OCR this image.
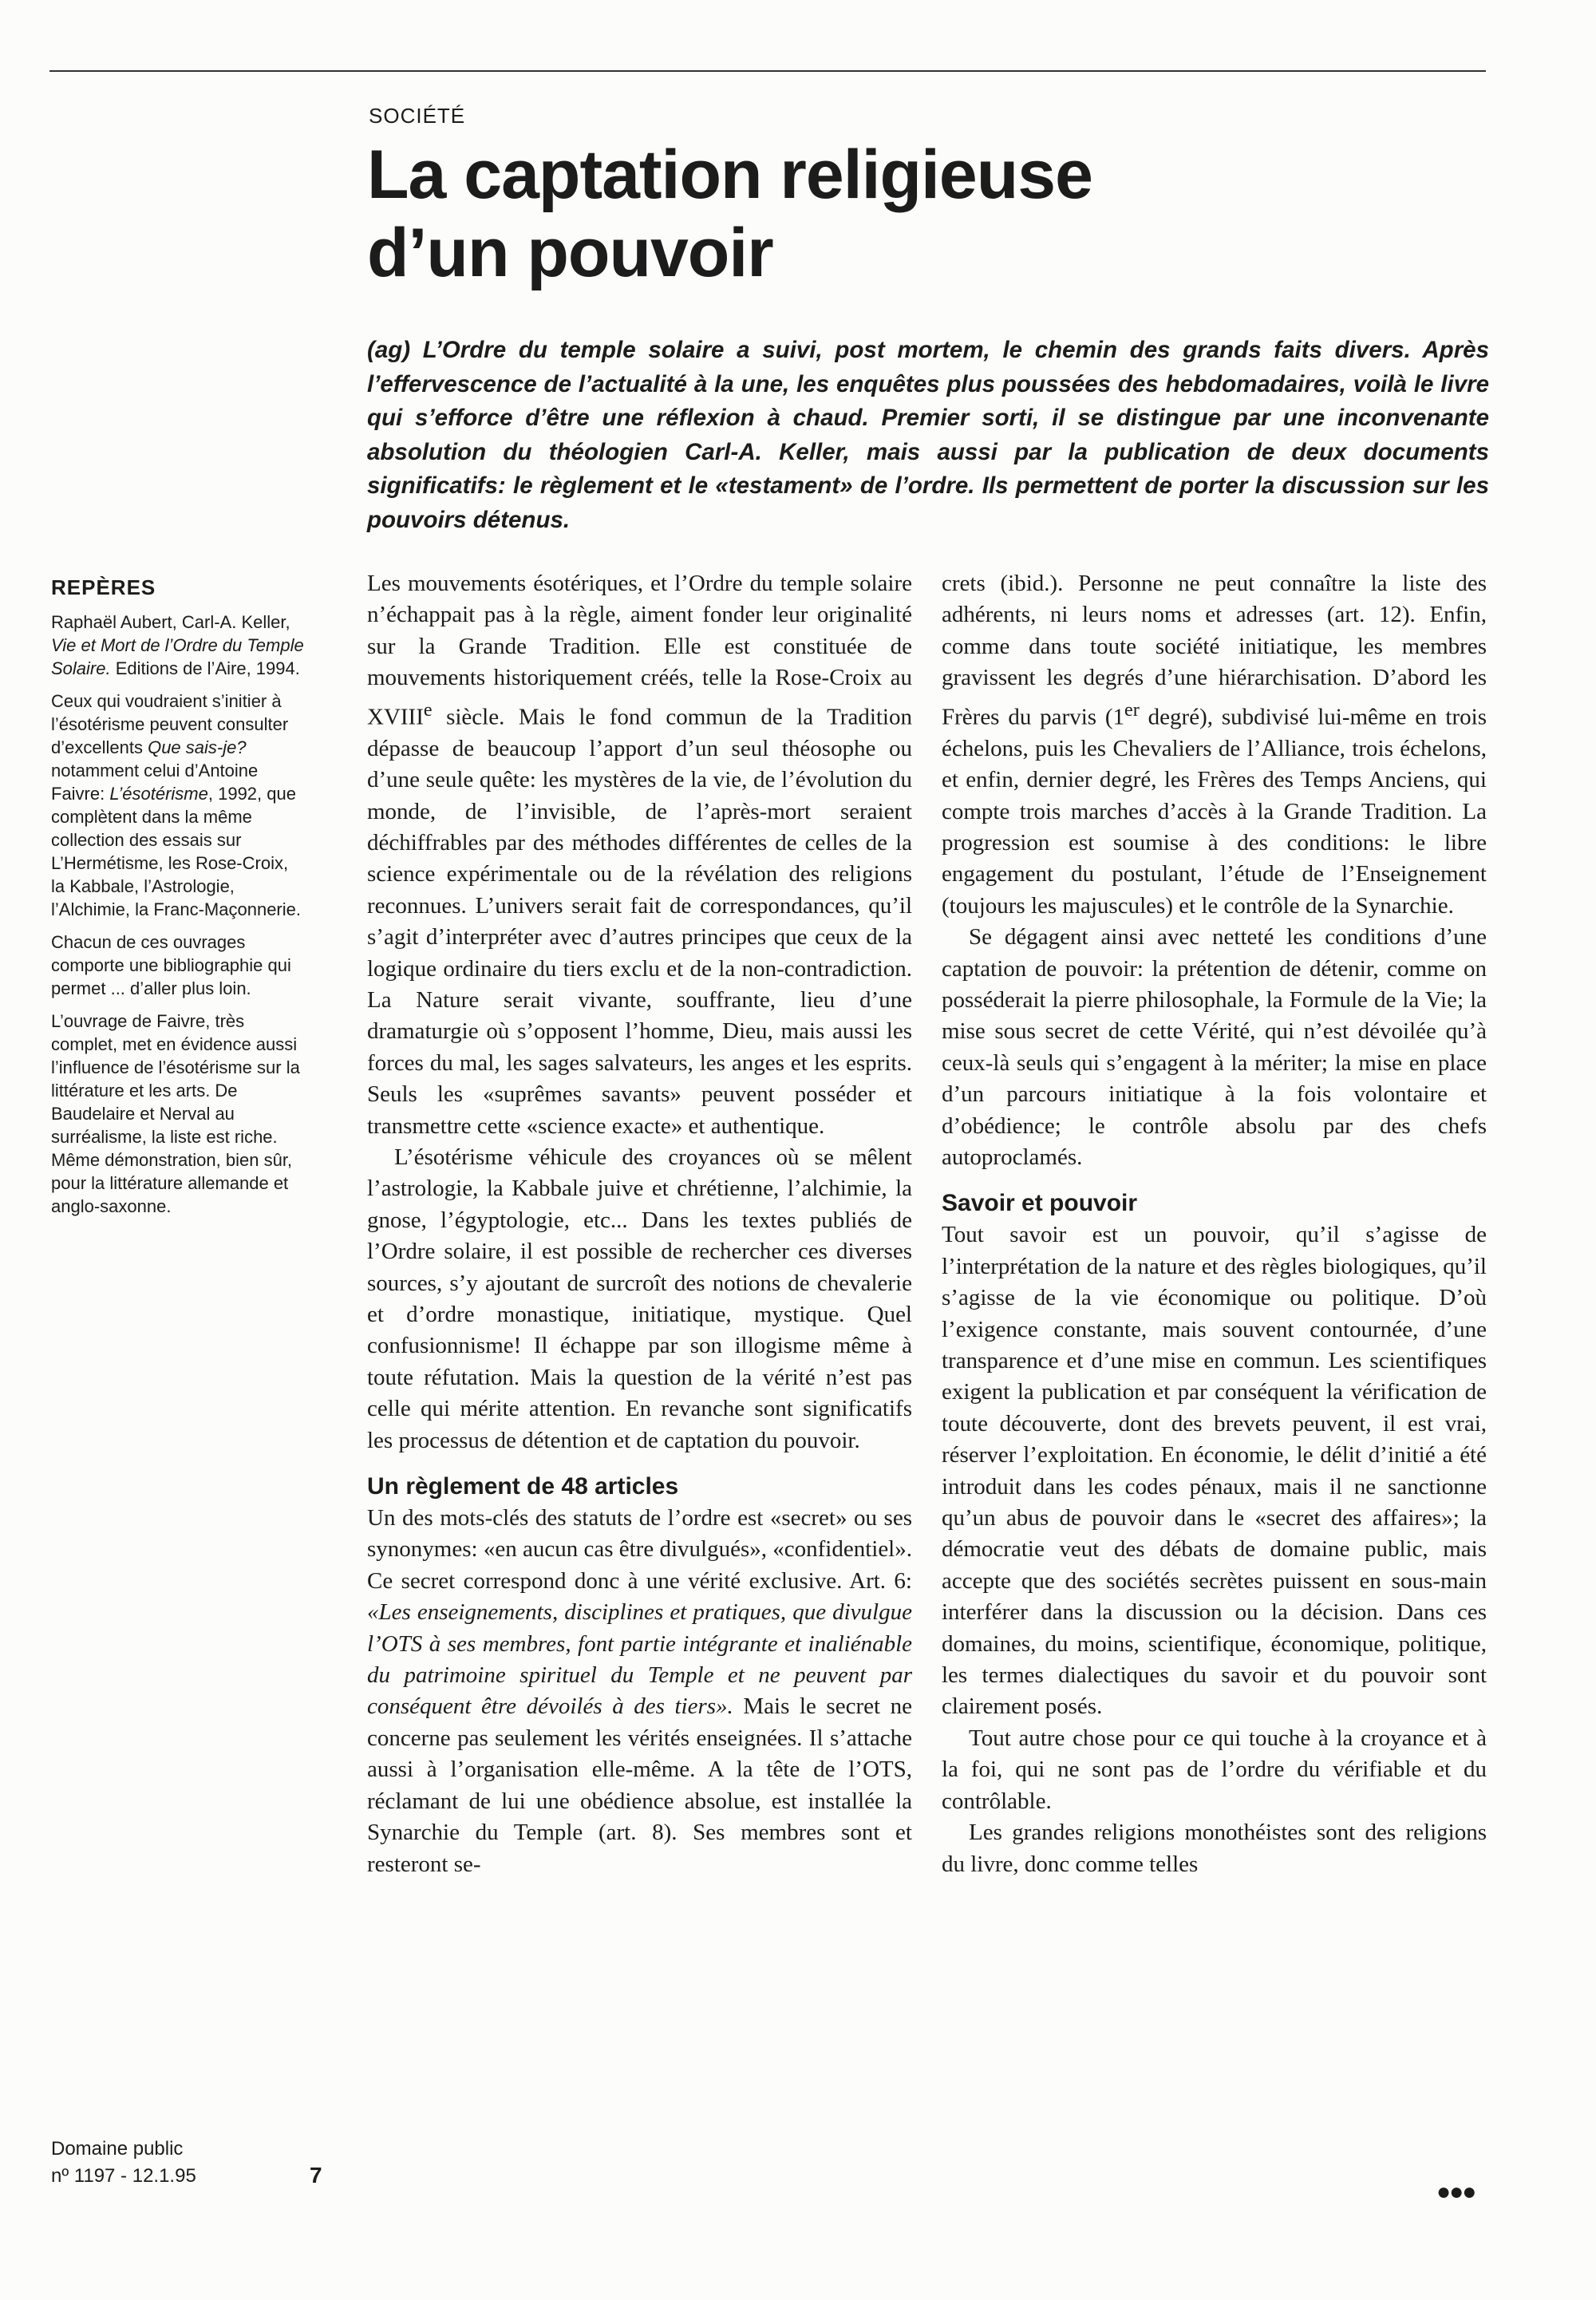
SOCIÉTÉ

La captation religieuse
d’un pouvoir

(ag) L’Ordre du temple solaire a suivi, post mortem, le chemin des grands faits divers. Après l’effervescence de l’actualité à la une, les enquêtes plus poussées des hebdomadaires, voilà le livre qui s’efforce d’être une réflexion à chaud. Premier sorti, il se distingue par une inconvenante absolution du théologien Carl-A. Keller, mais aussi par la publication de deux documents significatifs: le règlement et le «testament» de l’ordre. Ils permettent de porter la discussion sur les pouvoirs détenus.

REPÈRES

Raphaël Aubert, Carl-A. Keller, Vie et Mort de l’Ordre du Temple Solaire. Editions de l’Aire, 1994.

Ceux qui voudraient s’initier à l’ésotérisme peuvent consulter d’excellents Que sais-je? notamment celui d’Antoine Faivre: L’ésotérisme, 1992, que complètent dans la même collection des essais sur L’Hermétisme, les Rose-Croix, la Kabbale, l’Astrologie, l’Alchimie, la Franc-Maçonnerie.

Chacun de ces ouvrages comporte une bibliographie qui permet ... d’aller plus loin.

L’ouvrage de Faivre, très complet, met en évidence aussi l’influence de l’ésotérisme sur la littérature et les arts. De Baudelaire et Nerval au surréalisme, la liste est riche. Même démonstration, bien sûr, pour la littérature allemande et anglo-saxonne.

Les mouvements ésotériques, et l’Ordre du temple solaire n’échappait pas à la règle, aiment fonder leur originalité sur la Grande Tradition. Elle est constituée de mouvements historiquement créés, telle la Rose-Croix au XVIIIe siècle. Mais le fond commun de la Tradition dépasse de beaucoup l’apport d’un seul théosophe ou d’une seule quête: les mystères de la vie, de l’évolution du monde, de l’invisible, de l’après-mort seraient déchiffrables par des méthodes différentes de celles de la science expérimentale ou de la révélation des religions reconnues. L’univers serait fait de correspondances, qu’il s’agit d’interpréter avec d’autres principes que ceux de la logique ordinaire du tiers exclu et de la non-contradiction. La Nature serait vivante, souffrante, lieu d’une dramaturgie où s’opposent l’homme, Dieu, mais aussi les forces du mal, les sages salvateurs, les anges et les esprits. Seuls les «suprêmes savants» peuvent posséder et transmettre cette «science exacte» et authentique.

L’ésotérisme véhicule des croyances où se mêlent l’astrologie, la Kabbale juive et chrétienne, l’alchimie, la gnose, l’égyptologie, etc... Dans les textes publiés de l’Ordre solaire, il est possible de rechercher ces diverses sources, s’y ajoutant de surcroît des notions de chevalerie et d’ordre monastique, initiatique, mystique. Quel confusionnisme! Il échappe par son illogisme même à toute réfutation. Mais la question de la vérité n’est pas celle qui mérite attention. En revanche sont significatifs les processus de détention et de captation du pouvoir.

Un règlement de 48 articles

Un des mots-clés des statuts de l’ordre est «secret» ou ses synonymes: «en aucun cas être divulgués», «confidentiel». Ce secret correspond donc à une vérité exclusive. Art. 6: «Les enseignements, disciplines et pratiques, que divulgue l’OTS à ses membres, font partie intégrante et inaliénable du patrimoine spirituel du Temple et ne peuvent par conséquent être dévoilés à des tiers». Mais le secret ne concerne pas seulement les vérités enseignées. Il s’attache aussi à l’organisation elle-même. A la tête de l’OTS, réclamant de lui une obédience absolue, est installée la Synarchie du Temple (art. 8). Ses membres sont et resteront se-

crets (ibid.). Personne ne peut connaître la liste des adhérents, ni leurs noms et adresses (art. 12). Enfin, comme dans toute société initiatique, les membres gravissent les degrés d’une hiérarchisation. D’abord les Frères du parvis (1er degré), subdivisé lui-même en trois échelons, puis les Chevaliers de l’Alliance, trois échelons, et enfin, dernier degré, les Frères des Temps Anciens, qui compte trois marches d’accès à la Grande Tradition. La progression est soumise à des conditions: le libre engagement du postulant, l’étude de l’Enseignement (toujours les majuscules) et le contrôle de la Synarchie.

Se dégagent ainsi avec netteté les conditions d’une captation de pouvoir: la prétention de détenir, comme on posséderait la pierre philosophale, la Formule de la Vie; la mise sous secret de cette Vérité, qui n’est dévoilée qu’à ceux-là seuls qui s’engagent à la mériter; la mise en place d’un parcours initiatique à la fois volontaire et d’obédience; le contrôle absolu par des chefs autoproclamés.

Savoir et pouvoir

Tout savoir est un pouvoir, qu’il s’agisse de l’interprétation de la nature et des règles biologiques, qu’il s’agisse de la vie économique ou politique. D’où l’exigence constante, mais souvent contournée, d’une transparence et d’une mise en commun. Les scientifiques exigent la publication et par conséquent la vérification de toute découverte, dont des brevets peuvent, il est vrai, réserver l’exploitation. En économie, le délit d’initié a été introduit dans les codes pénaux, mais il ne sanctionne qu’un abus de pouvoir dans le «secret des affaires»; la démocratie veut des débats de domaine public, mais accepte que des sociétés secrètes puissent en sous-main interférer dans la discussion ou la décision. Dans ces domaines, du moins, scientifique, économique, politique, les termes dialectiques du savoir et du pouvoir sont clairement posés.

Tout autre chose pour ce qui touche à la croyance et à la foi, qui ne sont pas de l’ordre du vérifiable et du contrôlable.

Les grandes religions monothéistes sont des religions du livre, donc comme telles

Domaine public
nº 1197 - 12.1.95	7
●●●
